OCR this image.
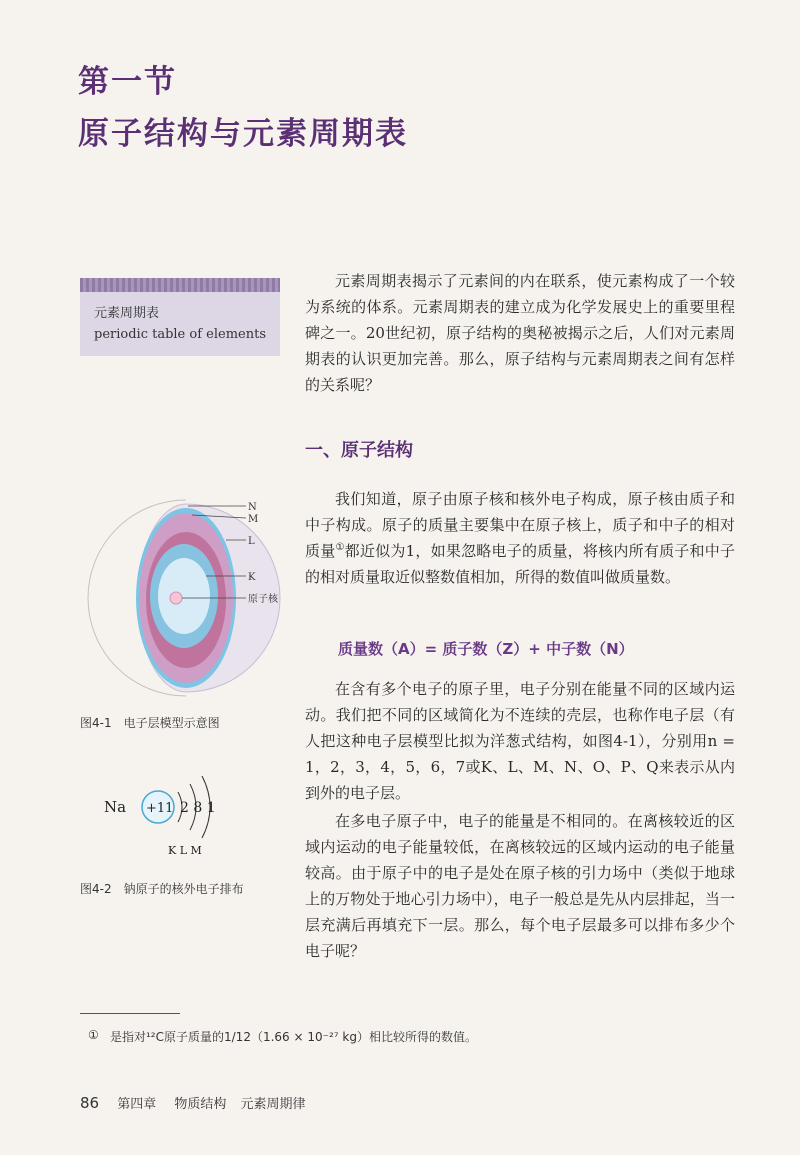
第一节
原子结构与元素周期表
元素周期表
periodic table of elements

元素周期表揭示了元素间的内在联系，使元素构成了一个较为系统的体系。元素周期表的建立成为化学发展史上的重要里程碑之一。20世纪初，原子结构的奥秘被揭示之后，人们对元素周期表的认识更加完善。那么，原子结构与元素周期表之间有怎样的关系呢？

一、原子结构

我们知道，原子由原子核和核外电子构成，原子核由质子和中子构成。原子的质量主要集中在原子核上，质子和中子的相对质量①都近似为1，如果忽略电子的质量，将核内所有质子和中子的相对质量取近似整数值相加，所得的数值叫做质量数。

质量数（A）= 质子数（Z）+ 中子数（N）

在含有多个电子的原子里，电子分别在能量不同的区域内运动。我们把不同的区域简化为不连续的壳层，也称作电子层（有人把这种电子层模型比拟为洋葱式结构，如图4-1），分别用n = 1，2，3，4，5，6，7或K、L、M、N、O、P、Q来表示从内到外的电子层。

在多电子原子中，电子的能量是不相同的。在离核较近的区域内运动的电子能量较低，在离核较远的区域内运动的电子能量较高。由于原子中的电子是处在原子核的引力场中（类似于地球上的万物处于地心引力场中），电子一般总是先从内层排起，当一层充满后再填充下一层。那么，每个电子层最多可以排布多少个电子呢？

N
M
L
K
原子核
图4-1　电子层模型示意图
Na +11 2 8 1
K L M
图4-2　钠原子的核外电子排布
① 是指对¹²C原子质量的1/12（1.66 × 10⁻²⁷ kg）相比较所得的数值。
86 第四章 物质结构 元素周期律
